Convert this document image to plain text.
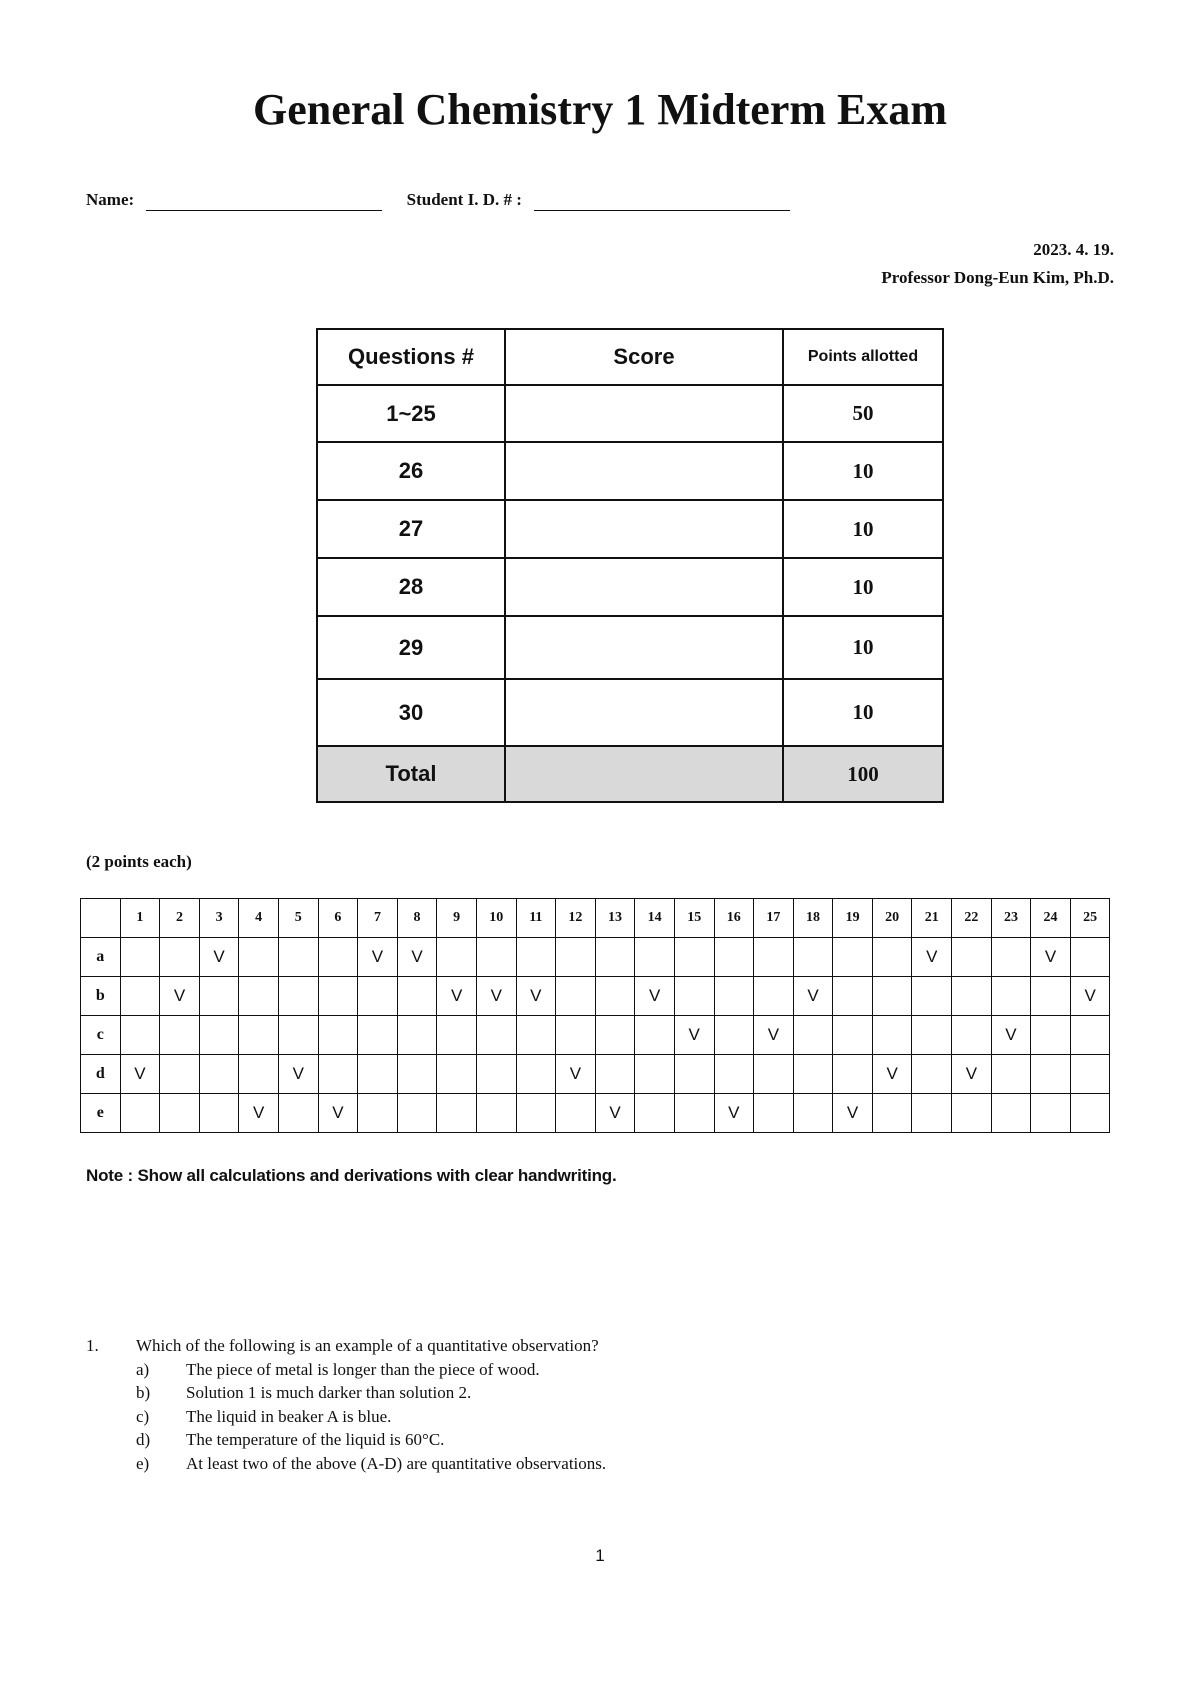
General Chemistry 1 Midterm Exam
Name:	Student I. D. # :
2023. 4. 19.
Professor Dong-Eun Kim, Ph.D.
Questions #	Score	Points allotted
1~25		50
26		10
27		10
28		10
29		10
30		10
Total		100
(2 points each)
	1	2	3	4	5	6	7	8	9	10	11	12	13	14	15	16	17	18	19	20	21	22	23	24	25
a			V				V	V													V			V	
b		V							V	V	V			V				V							V
c															V		V						V		
d	V				V							V								V		V			
e				V		V							V			V			V						
Note : Show all calculations and derivations with clear handwriting.
1.	Which of the following is an example of a quantitative observation?
a)	The piece of metal is longer than the piece of wood.
b)	Solution 1 is much darker than solution 2.
c)	The liquid in beaker A is blue.
d)	The temperature of the liquid is 60°C.
e)	At least two of the above (A-D) are quantitative observations.
1
